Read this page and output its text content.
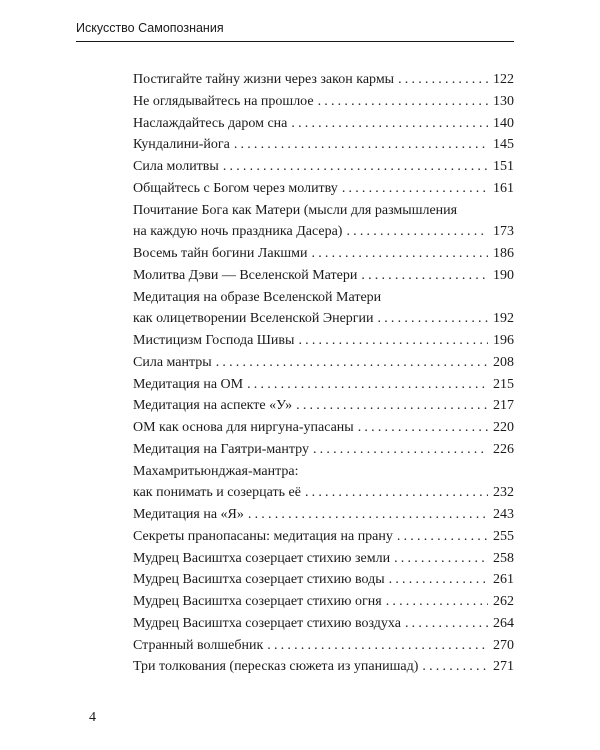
Искусство Самопознания
Постигайте тайну жизни через закон кармы .....	122
Не оглядывайтесь на прошлое .....	130
Наслаждайтесь даром сна .....	140
Кундалини-йога .....	145
Сила молитвы .....	151
Общайтесь с Богом через молитву .....	161
Почитание Бога как Матери (мысли для размышления
на каждую ночь праздника Дасера) .....	173
Восемь тайн богини Лакшми .....	186
Молитва Дэви — Вселенской Матери .....	190
Медитация на образе Вселенской Матери
как олицетворении Вселенской Энергии .....	192
Мистицизм Господа Шивы .....	196
Сила мантры .....	208
Медитация на ОМ .....	215
Медитация на аспекте «У» .....	217
ОМ как основа для ниргуна-упасаны .....	220
Медитация на Гаятри-мантру .....	226
Махамритьюнджая-мантра:
как понимать и созерцать её .....	232
Медитация на «Я» .....	243
Секреты пранопасаны: медитация на прану .....	255
Мудрец Васиштха созерцает стихию земли .....	258
Мудрец Васиштха созерцает стихию воды .....	261
Мудрец Васиштха созерцает стихию огня .....	262
Мудрец Васиштха созерцает стихию воздуха .....	264
Странный волшебник .....	270
Три толкования (пересказ сюжета из упанишад) .....	271
4
